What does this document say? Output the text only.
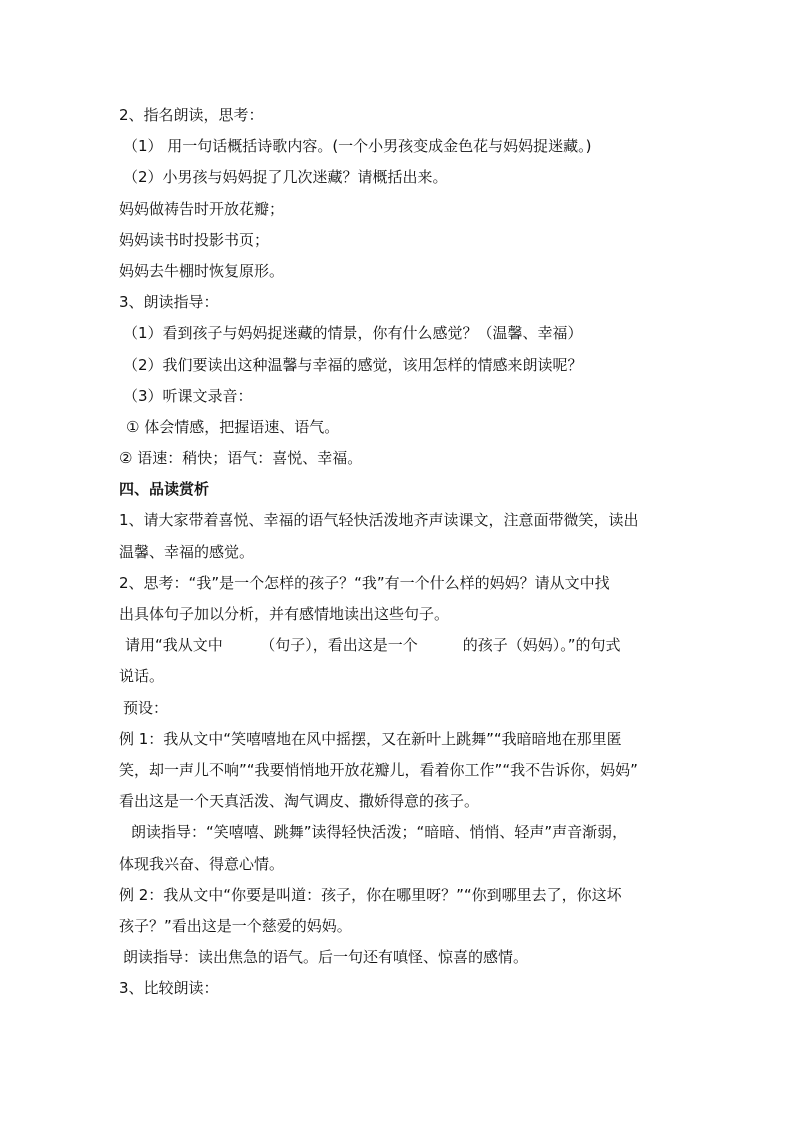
2、指名朗读，思考：
（1） 用一句话概括诗歌内容。(一个小男孩变成金色花与妈妈捉迷藏。)
（2）小男孩与妈妈捉了几次迷藏？请概括出来。
妈妈做祷告时开放花瓣；
妈妈读书时投影书页；
妈妈去牛棚时恢复原形。
3、朗读指导：
（1）看到孩子与妈妈捉迷藏的情景，你有什么感觉？（温馨、幸福）
（2）我们要读出这种温馨与幸福的感觉，该用怎样的情感来朗读呢？
（3）听课文录音：
① 体会情感，把握语速、语气。
② 语速：稍快；语气：喜悦、幸福。
四、品读赏析
1、请大家带着喜悦、幸福的语气轻快活泼地齐声读课文，注意面带微笑，读出
温馨、幸福的感觉。
2、思考：“我”是一个怎样的孩子？“我”有一个什么样的妈妈？请从文中找
出具体句子加以分析，并有感情地读出这些句子。
请用“我从文中　　　（句子），看出这是一个　　　的孩子（妈妈）。”的句式
说话。
预设：
例 1：我从文中“笑嘻嘻地在风中摇摆，又在新叶上跳舞”“我暗暗地在那里匿
笑，却一声儿不响”“我要悄悄地开放花瓣儿，看着你工作”“我不告诉你，妈妈”
看出这是一个天真活泼、淘气调皮、撒娇得意的孩子。
朗读指导：“笑嘻嘻、跳舞”读得轻快活泼；“暗暗、悄悄、轻声”声音渐弱，
体现我兴奋、得意心情。
例 2：我从文中“你要是叫道：孩子，你在哪里呀？”“你到哪里去了，你这坏
孩子？”看出这是一个慈爱的妈妈。
朗读指导：读出焦急的语气。后一句还有嗔怪、惊喜的感情。
3、比较朗读：
